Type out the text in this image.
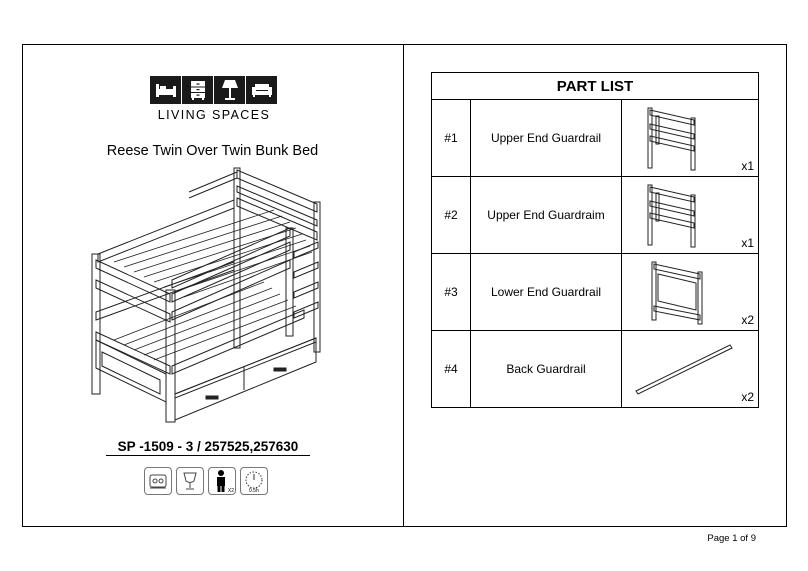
LIVING SPACES
Reese Twin Over Twin Bunk Bed
SP -1509 - 3 / 257525,257630
X2	0.5h
PART LIST		
#1	Upper End Guardrail	x1

#2	Upper End Guardraim	x1

#3	Lower End Guardrail	x2

#4	Back Guardrail	x2
Page 1 of 9
